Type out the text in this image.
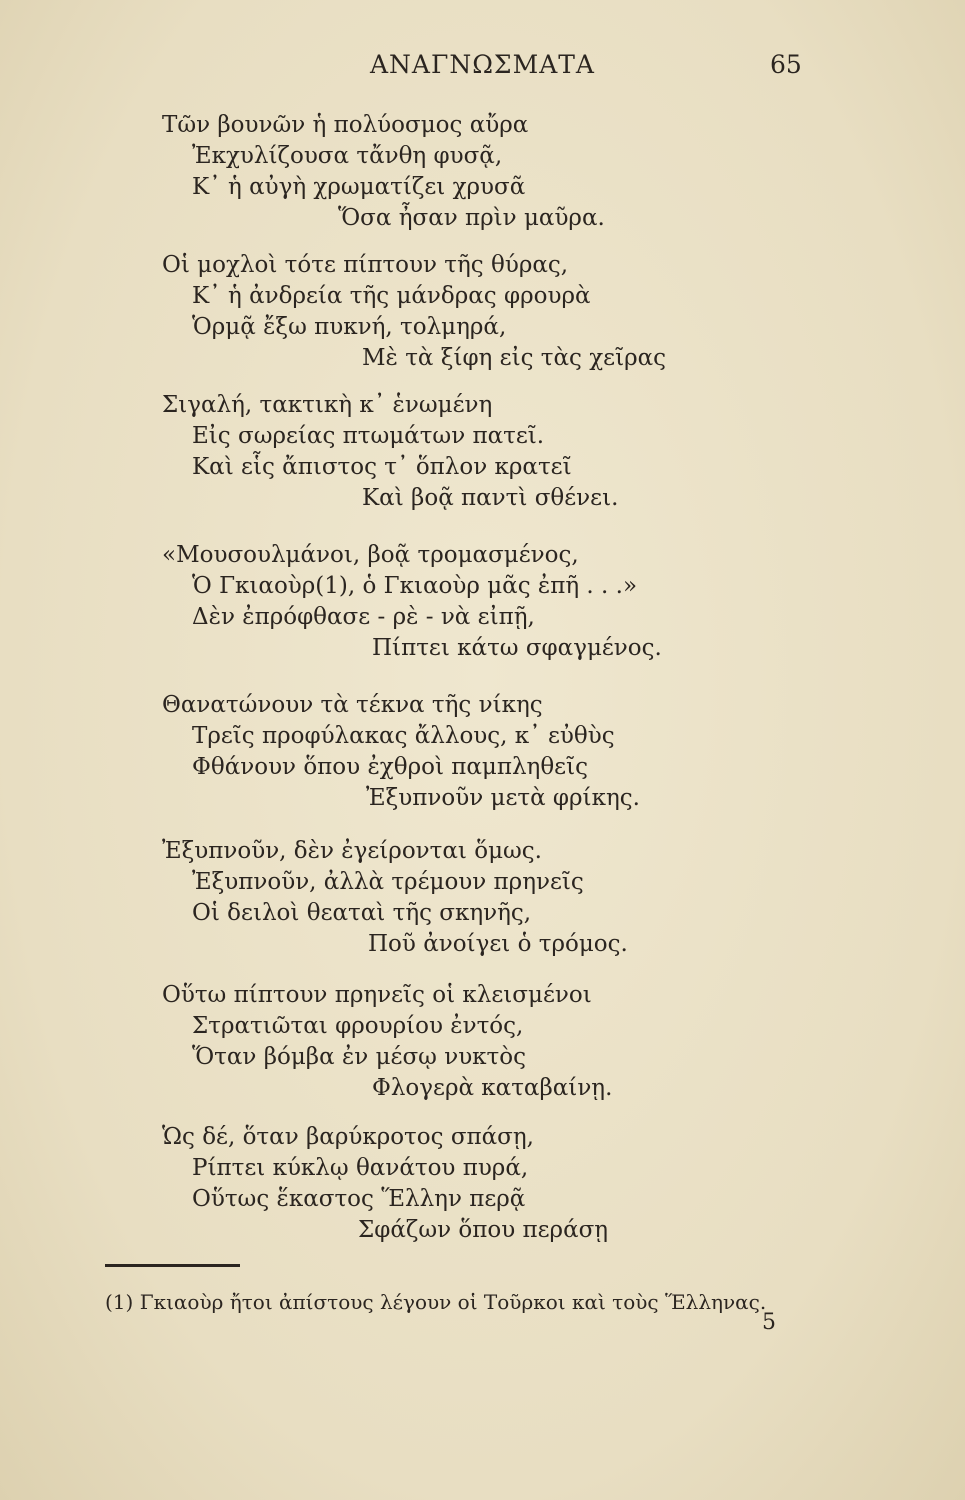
ΑΝΑΓΝΩΣΜΑΤΑ	65
Τῶν βουνῶν ἡ πολύοσμος αὔρα
Ἐκχυλίζουσα τἄνθη φυσᾷ,
Κ᾽ ἡ αὐγὴ χρωματίζει χρυσᾶ
Ὅσα ἦσαν πρὶν μαῦρα.
Οἱ μοχλοὶ τότε πίπτουν τῆς θύρας,
Κ᾽ ἡ ἀνδρεία τῆς μάνδρας φρουρὰ
Ὁρμᾷ ἔξω πυκνή, τολμηρά,
Μὲ τὰ ξίφη εἰς τὰς χεῖρας
Σιγαλή, τακτικὴ κ᾽ ἑνωμένη
Εἰς σωρείας πτωμάτων πατεῖ.
Καὶ εἷς ἄπιστος τ᾽ ὅπλον κρατεῖ
Καὶ βοᾷ παντὶ σθένει.
«Μουσουλμάνοι, βοᾷ τρομασμένος,
Ὁ Γκιαοὺρ(1), ὁ Γκιαοὺρ μᾶς ἐπῆ . . .»
Δὲν ἐπρόφθασε - ρὲ - νὰ εἰπῇ,
Πίπτει κάτω σφαγμένος.
Θανατώνουν τὰ τέκνα τῆς νίκης
Τρεῖς προφύλακας ἄλλους, κ᾽ εὐθὺς
Φθάνουν ὅπου ἐχθροὶ παμπληθεῖς
Ἐξυπνοῦν μετὰ φρίκης.
Ἐξυπνοῦν, δὲν ἐγείρονται ὅμως.
Ἐξυπνοῦν, ἀλλὰ τρέμουν πρηνεῖς
Οἱ δειλοὶ θεαταὶ τῆς σκηνῆς,
Ποῦ ἀνοίγει ὁ τρόμος.
Οὕτω πίπτουν πρηνεῖς οἱ κλεισμένοι
Στρατιῶται φρουρίου ἐντός,
Ὅταν βόμβα ἐν μέσῳ νυκτὸς
Φλογερὰ καταβαίνῃ.
Ὡς δέ, ὅταν βαρύκροτος σπάσῃ,
Ρίπτει κύκλῳ θανάτου πυρά,
Οὕτως ἕκαστος Ἕλλην περᾷ
Σφάζων ὅπου περάσῃ
(1) Γκιαοὺρ ἤτοι ἀπίστους λέγουν οἱ Τοῦρκοι καὶ τοὺς Ἕλληνας.
5
